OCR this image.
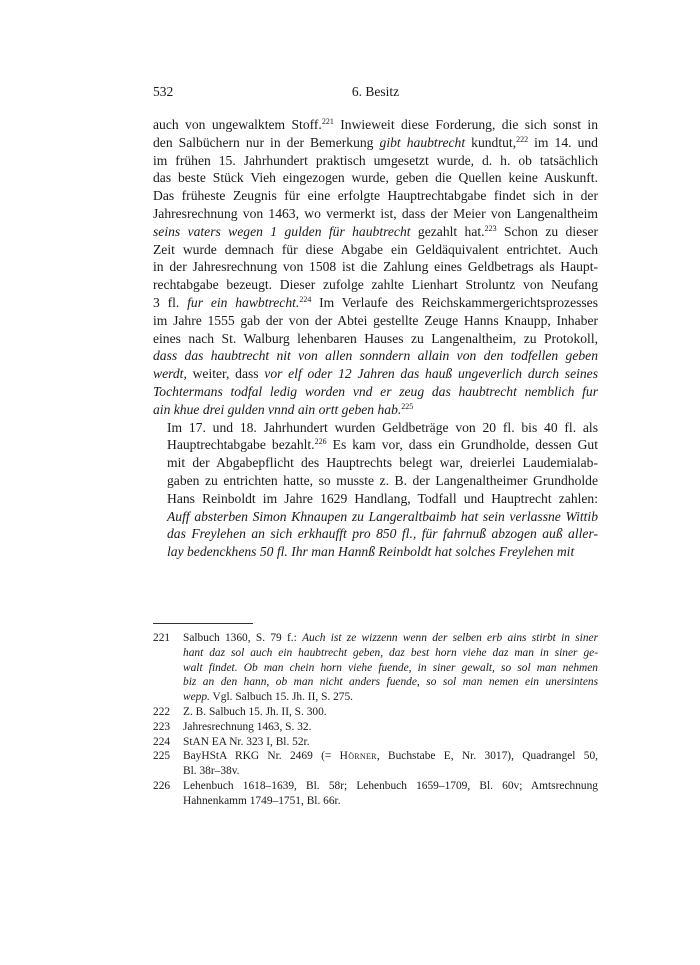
532	6. Besitz

auch von ungewalktem Stoff.$^{221}$ Inwieweit diese Forderung, die sich sonst in
den Salbüchern nur in der Bemerkung gibt haubtrecht kundtut,$^{222}$ im 14. und
im frühen 15. Jahrhundert praktisch umgesetzt wurde, d. h. ob tatsächlich
das beste Stück Vieh eingezogen wurde, geben die Quellen keine Auskunft.
Das früheste Zeugnis für eine erfolgte Hauptrechtabgabe findet sich in der
Jahresrechnung von 1463, wo vermerkt ist, dass der Meier von Langenaltheim
seins vaters wegen 1 gulden für haubtrecht gezahlt hat.$^{223}$ Schon zu dieser
Zeit wurde demnach für diese Abgabe ein Geldäquivalent entrichtet. Auch
in der Jahresrechnung von 1508 ist die Zahlung eines Geldbetrags als Haupt-
rechtabgabe bezeugt. Dieser zufolge zahlte Lienhart Stroluntz von Neufang
3 fl. fur ein hawbtrecht.$^{224}$ Im Verlaufe des Reichskammergerichtsprozesses
im Jahre 1555 gab der von der Abtei gestellte Zeuge Hanns Knaupp, Inhaber
eines nach St. Walburg lehenbaren Hauses zu Langenaltheim, zu Protokoll,
dass das haubtrecht nit von allen sonndern allain von den todfellen geben
werdt, weiter, dass vor elf oder 12 Jahren das hauß ungeverlich durch seines
Tochtermans todfal ledig worden vnd er zeug das haubtrecht nemblich fur
ain khue drei gulden vnnd ain ortt geben hab.$^{225}$

Im 17. und 18. Jahrhundert wurden Geldbeträge von 20 fl. bis 40 fl. als
Hauptrechtabgabe bezahlt.$^{226}$ Es kam vor, dass ein Grundholde, dessen Gut
mit der Abgabepflicht des Hauptrechts belegt war, dreierlei Laudemialab-
gaben zu entrichten hatte, so musste z. B. der Langenaltheimer Grundholde
Hans Reinboldt im Jahre 1629 Handlang, Todfall und Hauptrecht zahlen:
Auff absterben Simon Khnaupen zu Langeraltbaimb hat sein verlassne Wittib
das Freylehen an sich erkhaufft pro 850 fl., für fahrnuß abzogen auß aller-
lay bedenckhens 50 fl. Ihr man Hannß Reinboldt hat solches Freylehen mit

221 Salbuch 1360, S. 79 f.: Auch ist ze wizzenn wenn der selben erb ains stirbt in siner
hant daz sol auch ein haubtrecht geben, daz best horn viehe daz man in siner ge-
walt findet. Ob man chein horn viehe fuende, in siner gewalt, so sol man nehmen
biz an den hann, ob man nicht anders fuende, so sol man nemen ein unersintens
wepp. Vgl. Salbuch 15. Jh. II, S. 275.
222 Z. B. Salbuch 15. Jh. II, S. 300.
223 Jahresrechnung 1463, S. 32.
224 StAN EA Nr. 323 I, Bl. 52r.
225 BayHStA RKG Nr. 2469 (= Hörner, Buchstabe E, Nr. 3017), Quadrangel 50,
Bl. 38r–38v.
226 Lehenbuch 1618–1639, Bl. 58r; Lehenbuch 1659–1709, Bl. 60v; Amtsrechnung
Hahnenkamm 1749–1751, Bl. 66r.
